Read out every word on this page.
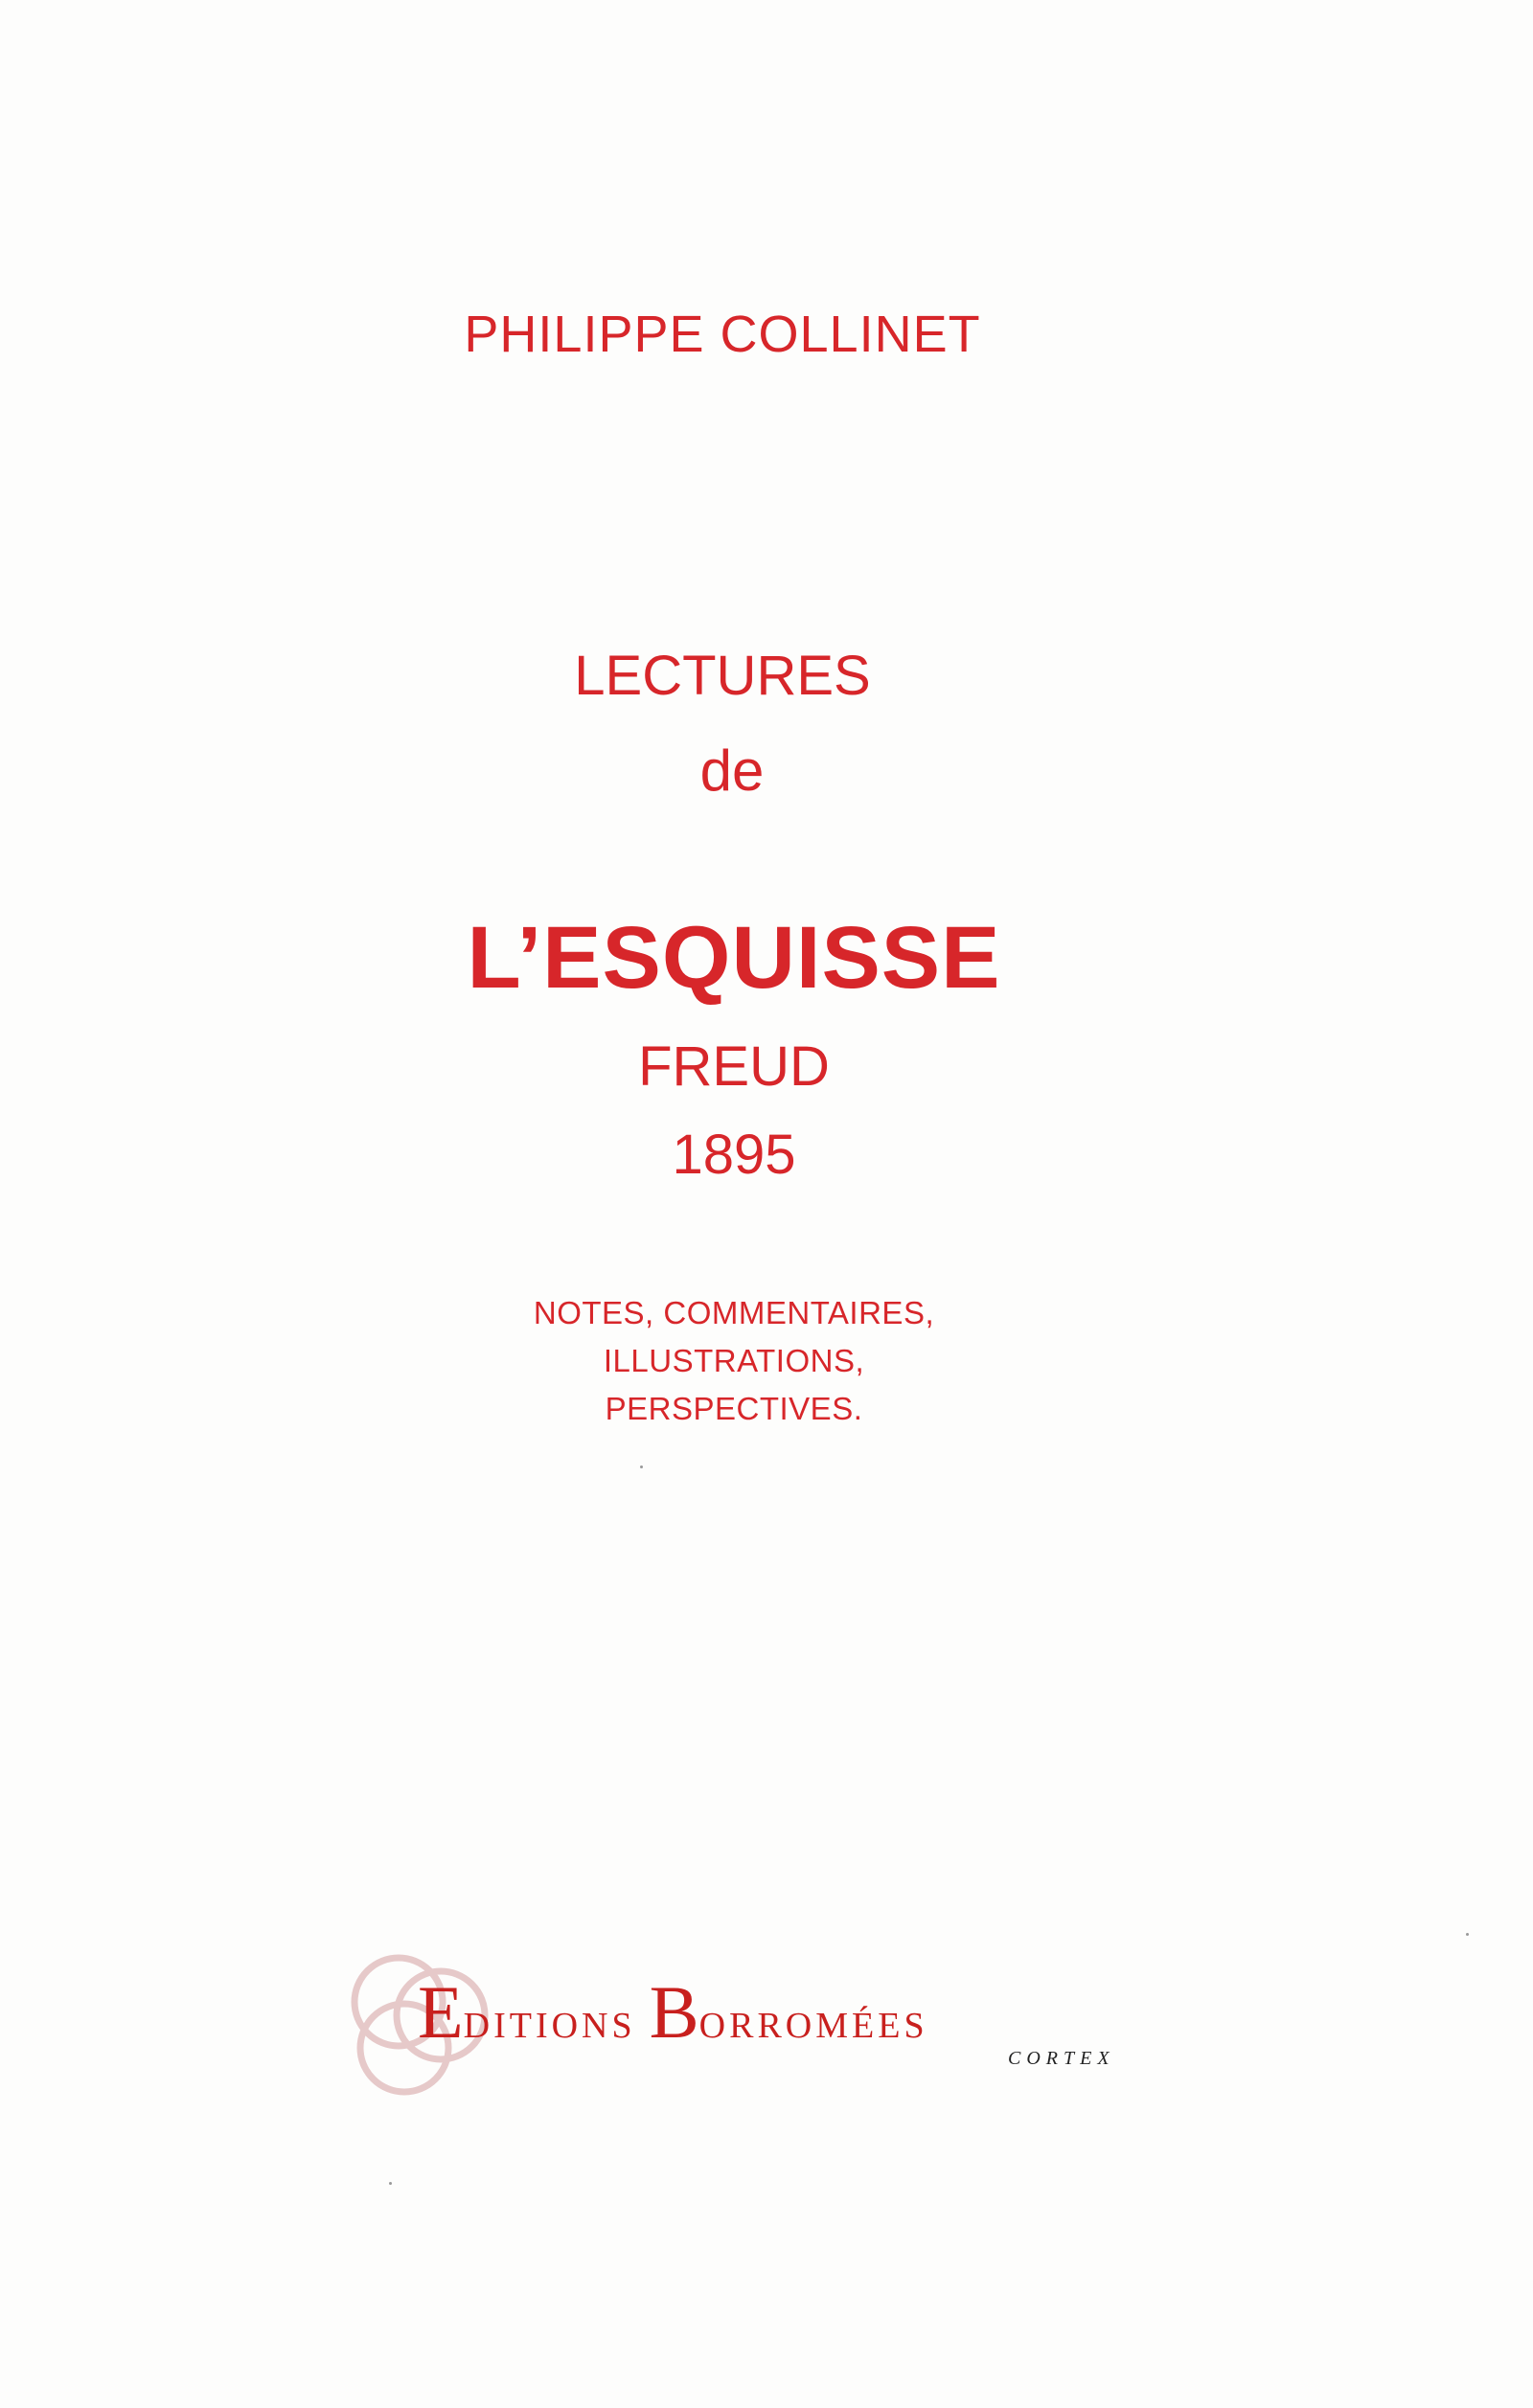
PHILIPPE COLLINET
LECTURES
de
L’ESQUISSE
FREUD
1895
NOTES, COMMENTAIRES,
ILLUSTRATIONS,
PERSPECTIVES.
E DITIONS B ORROMÉES
CORTEX
